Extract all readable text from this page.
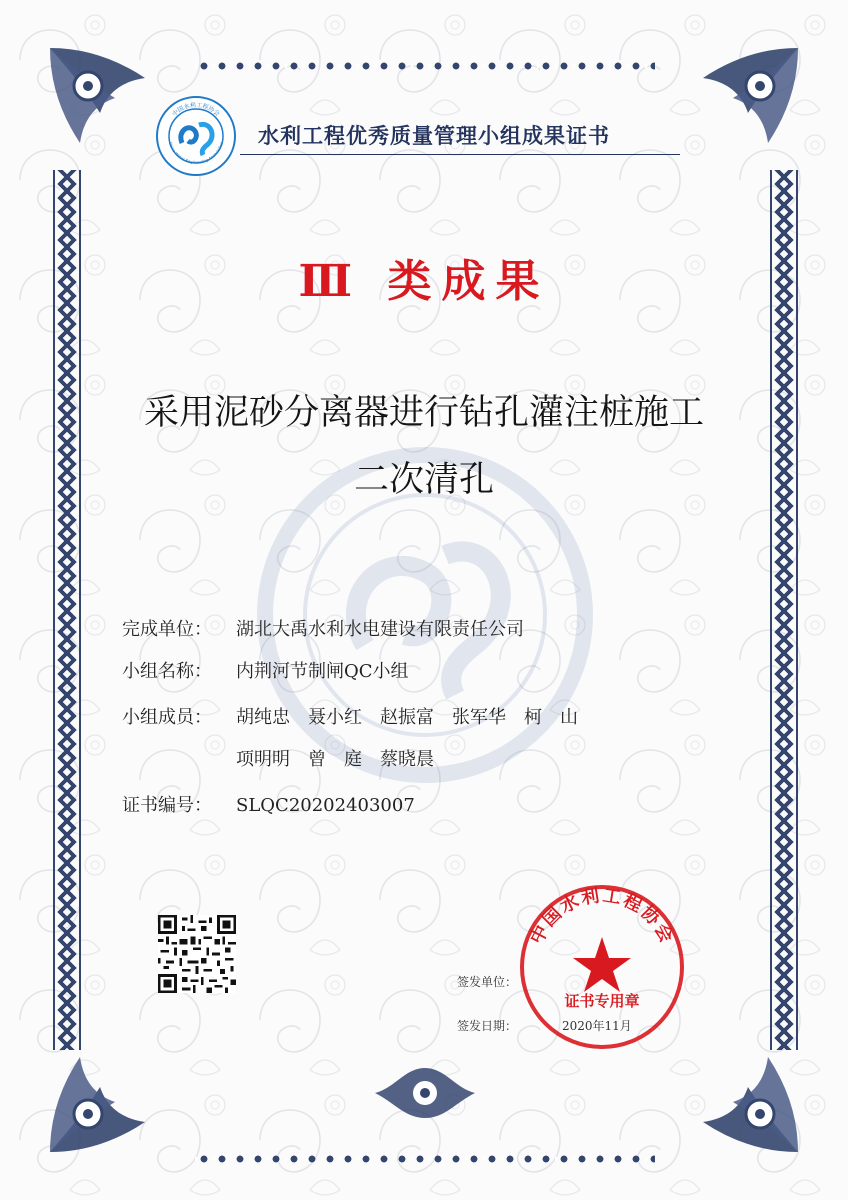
中国水利工程协会
China Water Engineering Association 水利工程优秀质量管理小组成果证书
Ⅲ 类成果
采用泥砂分离器进行钻孔灌注桩施工
二次清孔
完成单位： 湖北大禹水利水电建设有限责任公司
小组名称： 内荆河节制闸QC小组
小组成员： 胡纯忠　聂小红　赵振富　张军华　柯　山
项明明　曾　庭　蔡晓晨
证书编号： SLQC20202403007
签发单位：
签发日期：
中国水利工程协会
证书专用章
2020年11月
